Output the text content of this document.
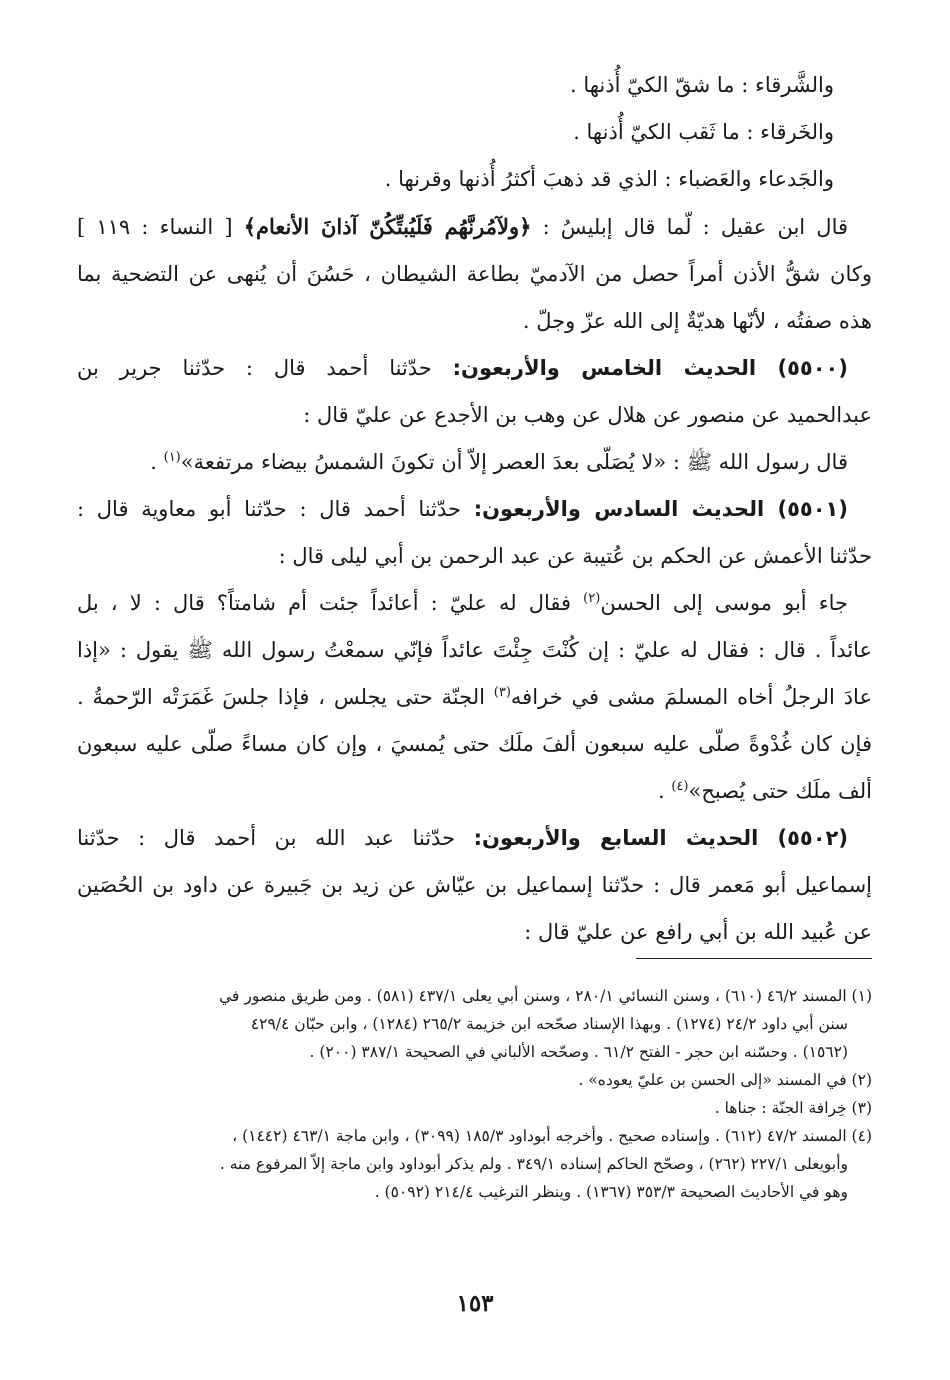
والشَّرقاء : ما شقّ الكيّ أُذنها .
والخَرقاء : ما ثَقب الكيّ أُذنها .
والجَدعاء والعَضباء : الذي قد ذهبَ أكثرُ أُذنها وقرنها .
قال ابن عقيل : لّما قال إبليسُ : ﴿ولآمُرنَّهُم فَلَيُبتِّكُنّ آذانَ الأنعام﴾ [ النساء : ١١٩ ]
وكان شقُّ الأذن أمراً حصل من الآدميّ بطاعة الشيطان ، حَسُنَ أن يُنهى عن التضحية بما
هذه صفتُه ، لأنّها هديّةٌ إلى الله عزّ وجلّ .
(٥٥٠٠) الحديث الخامس والأربعون: حدّثنا أحمد قال : حدّثنا جرير بن
عبدالحميد عن منصور عن هلال عن وهب بن الأجدع عن عليّ قال :
قال رسول الله ﷺ : «لا يُصَلّى بعدَ العصر إلاّ أن تكونَ الشمسُ بيضاء مرتفعة»$^{(١)}$ .
(٥٥٠١) الحديث السادس والأربعون: حدّثنا أحمد قال : حدّثنا أبو معاوية قال :
حدّثنا الأعمش عن الحكم بن عُتيبة عن عبد الرحمن بن أبي ليلى قال :
جاء أبو موسى إلى الحسن$^{(٢)}$ فقال له عليّ : أعائداً جئت أم شامتاً؟ قال : لا ، بل
عائداً . قال : فقال له عليّ : إن كُنْتَ جِئْتَ عائداً فإنّي سمعْتُ رسول الله ﷺ يقول : «إذا
عادَ الرجلُ أخاه المسلمَ مشى في خرافه$^{(٣)}$ الجنّة حتى يجلس ، فإذا جلسَ غَمَرَتْه الرّحمةُ .
فإن كان غُدْوةً صلّى عليه سبعون ألفَ ملَك حتى يُمسيَ ، وإن كان مساءً صلّى عليه سبعون
ألف ملَك حتى يُصبح»$^{(٤)}$ .
(٥٥٠٢) الحديث السابع والأربعون: حدّثنا عبد الله بن أحمد قال : حدّثنا
إسماعيل أبو مَعمر قال : حدّثنا إسماعيل بن عيّاش عن زيد بن جَبيرة عن داود بن الحُصَين
عن عُبيد الله بن أبي رافع عن عليّ قال :
(١) المسند ٤٦/٢ (٦١٠) ، وسنن النسائي ٢٨٠/١ ، وسنن أبي يعلى ٤٣٧/١ (٥٨١) . ومن طريق منصور في
سنن أبي داود ٢٤/٢ (١٢٧٤) . وبهذا الإسناد صحّحه ابن خزيمة ٢٦٥/٢ (١٢٨٤) ، وابن حبّان ٤٢٩/٤
(١٥٦٢) . وحسّنه ابن حجر - الفتح ٦١/٢ . وصحّحه الألباني في الصحيحة ٣٨٧/١ (٢٠٠) .
(٢) في المسند «إلى الحسن بن عليّ يعوده» .
(٣) خِرافة الجنّة : جناها .
(٤) المسند ٤٧/٢ (٦١٢) . وإسناده صحيح . وأخرجه أبوداود ١٨٥/٣ (٣٠٩٩) ، وابن ماجة ٤٦٣/١ (١٤٤٢) ،
وأبويعلى ٢٢٧/١ (٢٦٢) ، وصحّح الحاكم إسناده ٣٤٩/١ . ولم يذكر أبوداود وابن ماجة إلاّ المرفوع منه .
وهو في الأحاديث الصحيحة ٣٥٣/٣ (١٣٦٧) . وينظر الترغيب ٢١٤/٤ (٥٠٩٢) .
١٥٣
